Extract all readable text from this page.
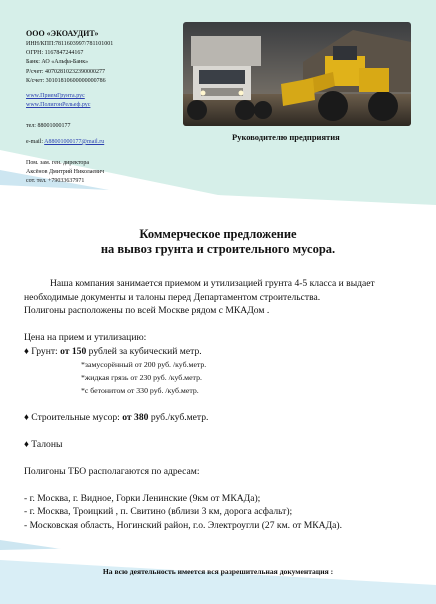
ООО «ЭКОАУДИТ»
ИНН/КПП:7811603997/781101001
ОГРН: 1167847244167
Банк: АО «Альфа-Банк»
Р/счет: 40702810232390000277
К/счет: 30101810600000000786
www.ПриемГрунта.рус
www.ПолигонРельеф.рус
тел: 88001000177
e-mail: A88001000177@mail.ru
Пом. зам. ген. директора
Аксёнов Дмитрий Николаевич
сот. тел. +79033637971
Руководителю предприятия
Коммерческое предложение
на вывоз грунта и строительного мусора.

Наша компания занимается приемом и утилизацией грунта 4-5 класса и выдает

необходимые документы и талоны перед Департаментом строительства.

Полигоны расположены по всей Москве рядом с МКАДом .

Цена на прием и утилизацию:

♦ Грунт: от 150 рублей за кубический метр.

*замусорённый от 200 руб. /куб.метр.

*жидкая грязь от 230 руб. /куб.метр.

*с бетонитом от 330 руб. /куб.метр.

♦ Строительные мусор: от 380 руб./куб.метр.

♦ Талоны

Полигоны ТБО располагаются по адресам:

- г. Москва, г. Видное, Горки Ленинские (9км от МКАДа);

- г. Москва, Троицкий , п. Свитино (вблизи 3 км, дорога асфальт);

- Московская область, Ногинский район, г.о. Электроугли (27 км. от МКАДа).

На всю деятельность имеется вся разрешительная документация :
